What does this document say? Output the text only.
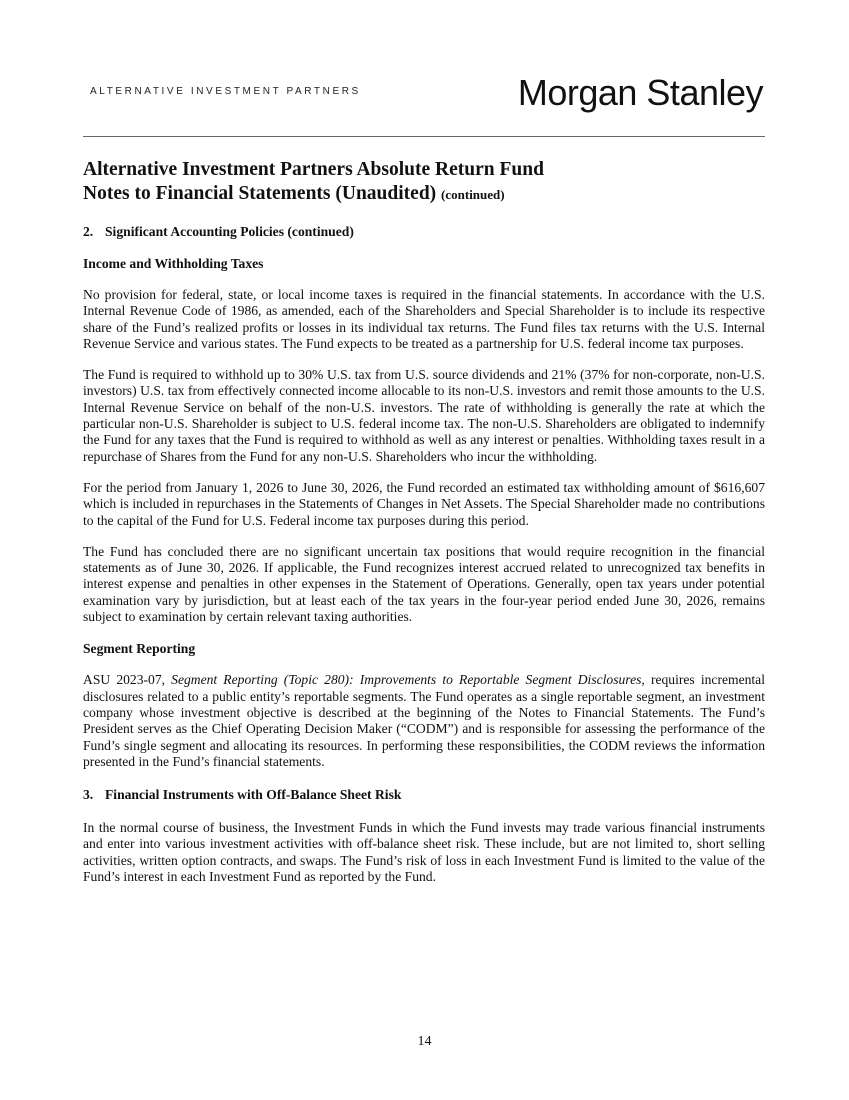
ALTERNATIVE INVESTMENT PARTNERS	Morgan Stanley
Alternative Investment Partners Absolute Return Fund
Notes to Financial Statements (Unaudited) (continued)
2. Significant Accounting Policies (continued)
Income and Withholding Taxes

No provision for federal, state, or local income taxes is required in the financial statements. In accordance with the U.S. Internal Revenue Code of 1986, as amended, each of the Shareholders and Special Shareholder is to include its respective share of the Fund’s realized profits or losses in its individual tax returns. The Fund files tax returns with the U.S. Internal Revenue Service and various states. The Fund expects to be treated as a partnership for U.S. federal income tax purposes.

The Fund is required to withhold up to 30% U.S. tax from U.S. source dividends and 21% (37% for non-corporate, non-U.S. investors) U.S. tax from effectively connected income allocable to its non-U.S. investors and remit those amounts to the U.S. Internal Revenue Service on behalf of the non-U.S. investors. The rate of withholding is generally the rate at which the particular non-U.S. Shareholder is subject to U.S. federal income tax. The non-U.S. Shareholders are obligated to indemnify the Fund for any taxes that the Fund is required to withhold as well as any interest or penalties. Withholding taxes result in a repurchase of Shares from the Fund for any non-U.S. Shareholders who incur the withholding.

For the period from January 1, 2026 to June 30, 2026, the Fund recorded an estimated tax withholding amount of $616,607 which is included in repurchases in the Statements of Changes in Net Assets. The Special Shareholder made no contributions to the capital of the Fund for U.S. Federal income tax purposes during this period.

The Fund has concluded there are no significant uncertain tax positions that would require recognition in the financial statements as of June 30, 2026. If applicable, the Fund recognizes interest accrued related to unrecognized tax benefits in interest expense and penalties in other expenses in the Statement of Operations. Generally, open tax years under potential examination vary by jurisdiction, but at least each of the tax years in the four-year period ended June 30, 2026, remains subject to examination by certain relevant taxing authorities.

Segment Reporting

ASU 2023-07, Segment Reporting (Topic 280): Improvements to Reportable Segment Disclosures, requires incremental disclosures related to a public entity’s reportable segments. The Fund operates as a single reportable segment, an investment company whose investment objective is described at the beginning of the Notes to Financial Statements. The Fund’s President serves as the Chief Operating Decision Maker (“CODM”) and is responsible for assessing the performance of the Fund’s single segment and allocating its resources. In performing these responsibilities, the CODM reviews the information presented in the Fund’s financial statements.

3. Financial Instruments with Off-Balance Sheet Risk

In the normal course of business, the Investment Funds in which the Fund invests may trade various financial instruments and enter into various investment activities with off-balance sheet risk. These include, but are not limited to, short selling activities, written option contracts, and swaps. The Fund’s risk of loss in each Investment Fund is limited to the value of the Fund’s interest in each Investment Fund as reported by the Fund.

14
